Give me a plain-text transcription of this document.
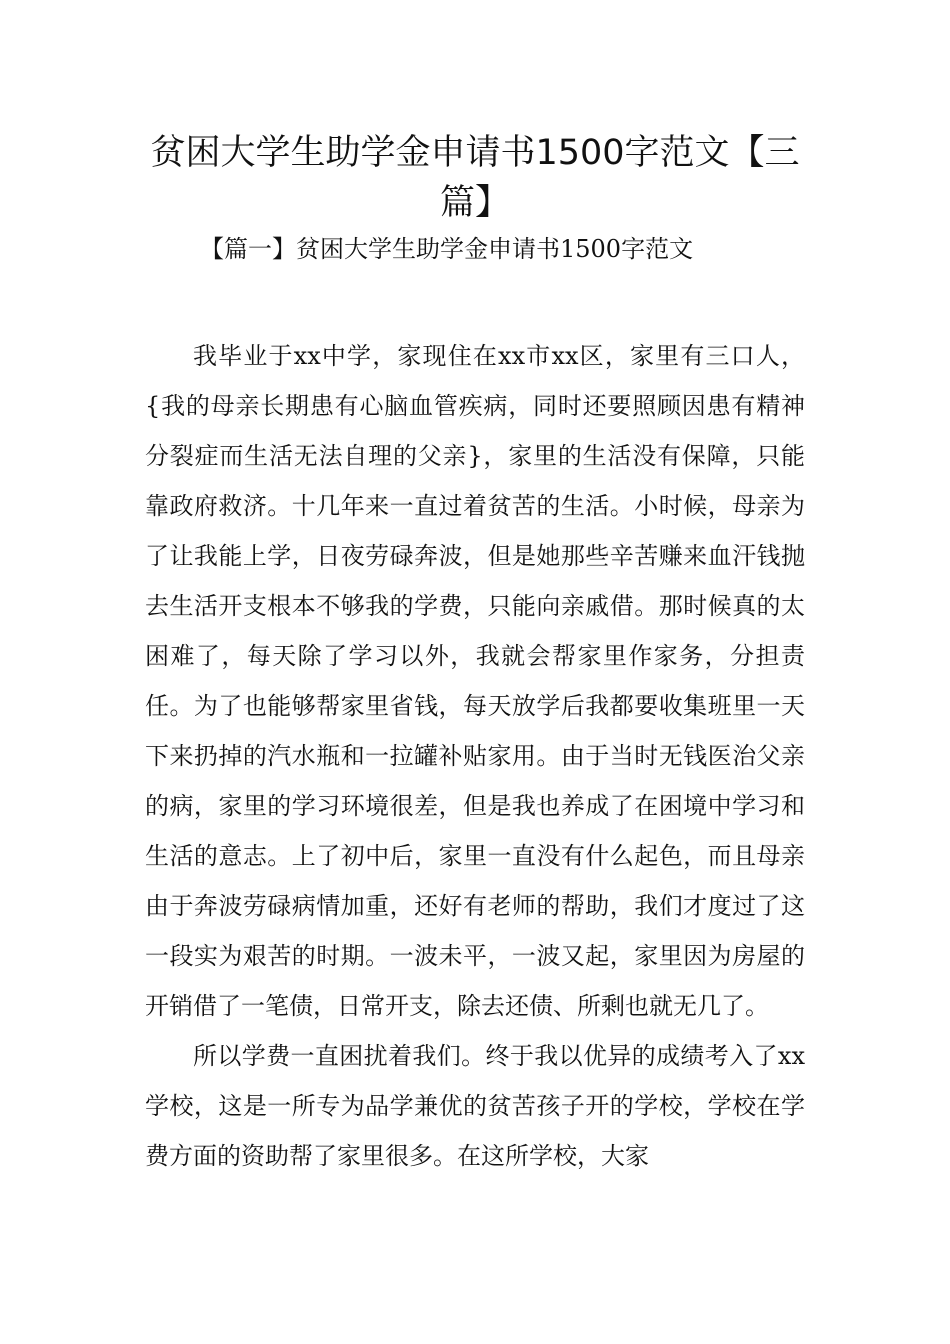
贫困大学生助学金申请书1500字范文【三篇】
【篇一】贫困大学生助学金申请书1500字范文

我毕业于xx中学，家现住在xx市xx区，家里有三口人，{我的母亲长期患有心脑血管疾病，同时还要照顾因患有精神分裂症而生活无法自理的父亲}，家里的生活没有保障，只能靠政府救济。十几年来一直过着贫苦的生活。小时候，母亲为了让我能上学，日夜劳碌奔波，但是她那些辛苦赚来血汗钱抛去生活开支根本不够我的学费，只能向亲戚借。那时候真的太困难了，每天除了学习以外，我就会帮家里作家务，分担责任。为了也能够帮家里省钱，每天放学后我都要收集班里一天下来扔掉的汽水瓶和一拉罐补贴家用。由于当时无钱医治父亲的病，家里的学习环境很差，但是我也养成了在困境中学习和生活的意志。上了初中后，家里一直没有什么起色，而且母亲由于奔波劳碌病情加重，还好有老师的帮助，我们才度过了这一段实为艰苦的时期。一波未平，一波又起，家里因为房屋的开销借了一笔债，日常开支，除去还债、所剩也就无几了。

所以学费一直困扰着我们。终于我以优异的成绩考入了xx学校，这是一所专为品学兼优的贫苦孩子开的学校，学校在学费方面的资助帮了家里很多。在这所学校，大家
